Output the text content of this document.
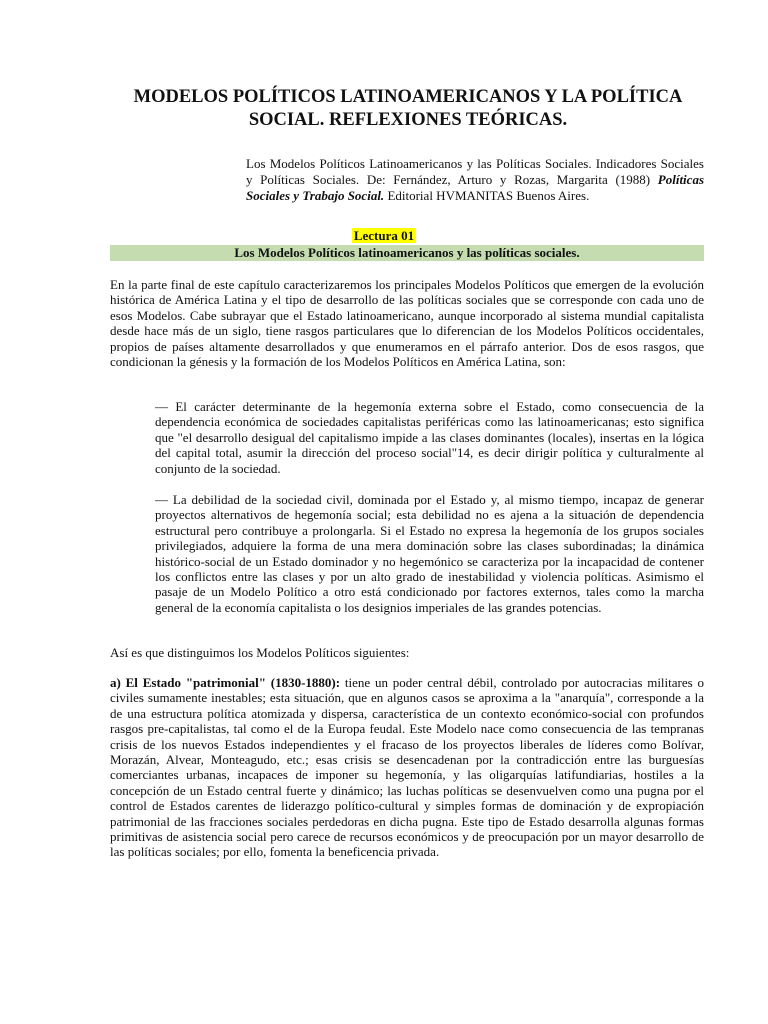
MODELOS POLÍTICOS LATINOAMERICANOS Y LA POLÍTICA SOCIAL. REFLEXIONES TEÓRICAS.

Los Modelos Políticos Latinoamericanos y las Políticas Sociales. Indicadores Sociales y Políticas Sociales. De: Fernández, Arturo y Rozas, Margarita (1988) Políticas Sociales y Trabajo Social. Editorial HVMANITAS Buenos Aires.

Lectura 01
Los Modelos Políticos latinoamericanos y las políticas sociales.

En la parte final de este capítulo caracterizaremos los principales Modelos Políticos que emergen de la evolución histórica de América Latina y el tipo de desarrollo de las políticas sociales que se corresponde con cada uno de esos Modelos. Cabe subrayar que el Estado latinoamericano, aunque incorporado al sistema mundial capitalista desde hace más de un siglo, tiene rasgos particulares que lo diferencian de los Modelos Políticos occidentales, propios de países altamente desarrollados y que enumeramos en el párrafo anterior. Dos de esos rasgos, que condicionan la génesis y la formación de los Modelos Políticos en América Latina, son:

— El carácter determinante de la hegemonía externa sobre el Estado, como consecuencia de la dependencia económica de sociedades capitalistas periféricas como las latinoamericanas; esto significa que "el desarrollo desigual del capitalismo impide a las clases dominantes (locales), insertas en la lógica del capital total, asumir la dirección del proceso social"14, es decir dirigir política y culturalmente al conjunto de la sociedad.

— La debilidad de la sociedad civil, dominada por el Estado y, al mismo tiempo, incapaz de generar proyectos alternativos de hegemonía social; esta debilidad no es ajena a la situación de dependencia estructural pero contribuye a prolongarla. Si el Estado no expresa la hegemonía de los grupos sociales privilegiados, adquiere la forma de una mera dominación sobre las clases subordinadas; la dinámica histórico-social de un Estado dominador y no hegemónico se caracteriza por la incapacidad de contener los conflictos entre las clases y por un alto grado de inestabilidad y violencia políticas. Asimismo el pasaje de un Modelo Político a otro está condicionado por factores externos, tales como la marcha general de la economía capitalista o los designios imperiales de las grandes potencias.

Así es que distinguimos los Modelos Políticos siguientes:

a) El Estado "patrimonial" (1830-1880): tiene un poder central débil, controlado por autocracias militares o civiles sumamente inestables; esta situación, que en algunos casos se aproxima a la "anarquía", corresponde a la de una estructura política atomizada y dispersa, característica de un contexto económico-social con profundos rasgos pre-capitalistas, tal como el de la Europa feudal. Este Modelo nace como consecuencia de las tempranas crisis de los nuevos Estados independientes y el fracaso de los proyectos liberales de líderes como Bolívar, Morazán, Alvear, Monteagudo, etc.; esas crisis se desencadenan por la contradicción entre las burguesías comerciantes urbanas, incapaces de imponer su hegemonía, y las oligarquías latifundiarias, hostiles a la concepción de un Estado central fuerte y dinámico; las luchas políticas se desenvuelven como una pugna por el control de Estados carentes de liderazgo político-cultural y simples formas de dominación y de expropiación patrimonial de las fracciones sociales perdedoras en dicha pugna. Este tipo de Estado desarrolla algunas formas primitivas de asistencia social pero carece de recursos económicos y de preocupación por un mayor desarrollo de las políticas sociales; por ello, fomenta la beneficencia privada.
